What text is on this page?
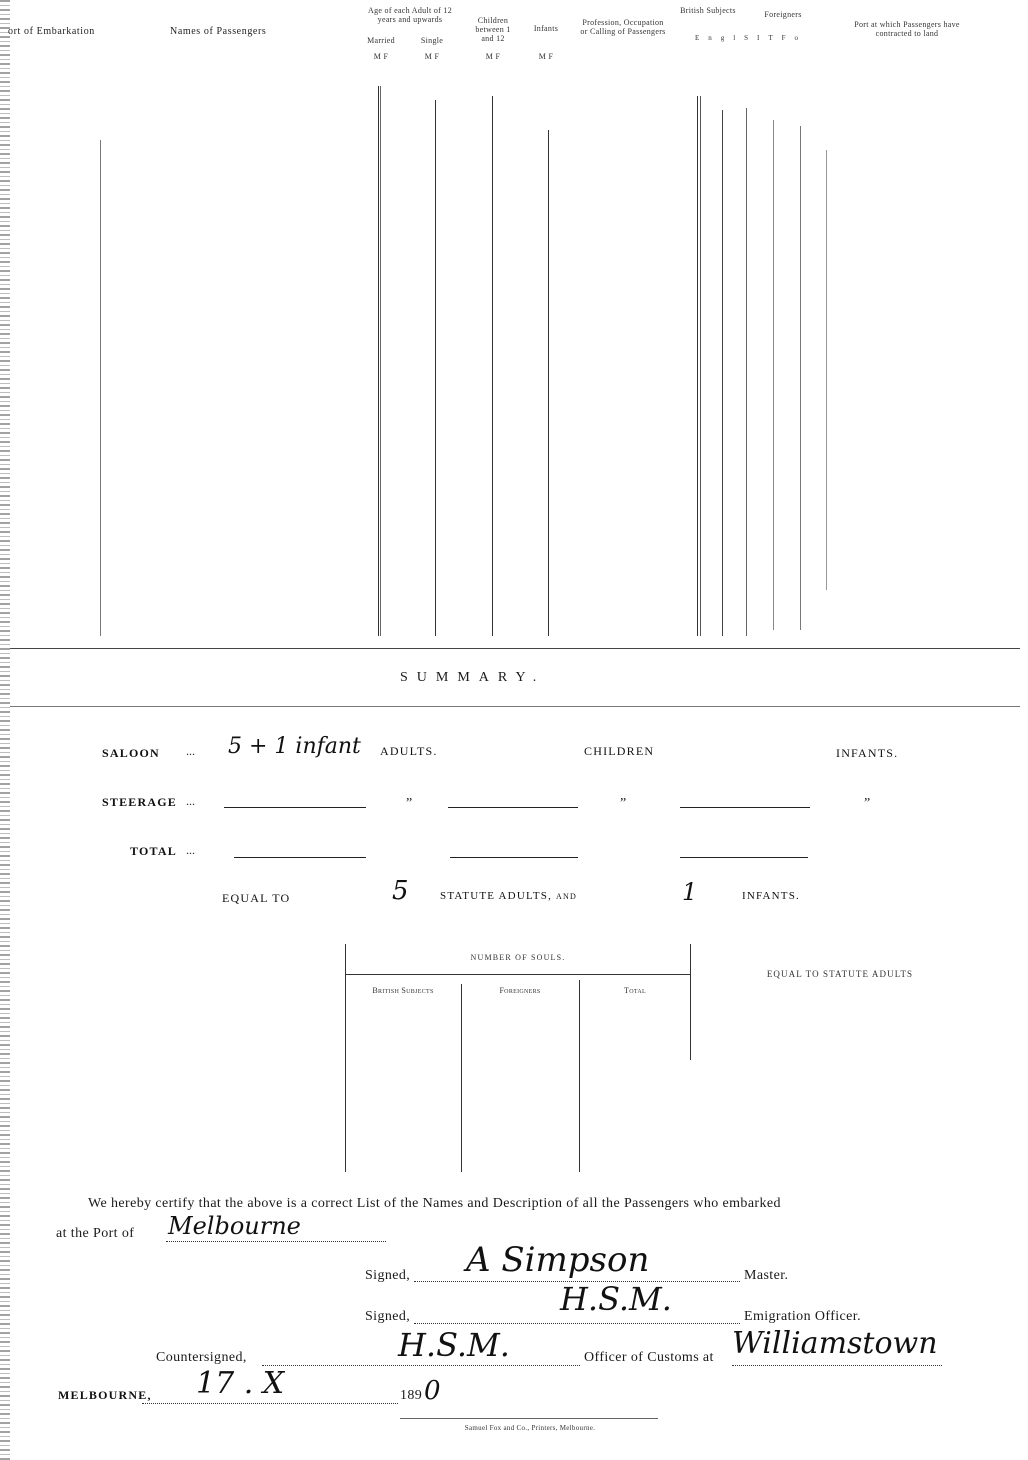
ort of Embarkation	Names of Passengers
Age of each Adult of 12 years and upwards
Married	Single
M F	M F
Children between 1 and 12
M F
Infants
M F
Profession, Occupation or Calling of Passengers
British Subjects	Foreigners
Port at which Passengers have contracted to land
EnglSITFo
SUMMARY.
SALOON ... 5 + 1 infant ADULTS.	CHILDREN	INFANTS.
STEERAGE ...	”	”	”
TOTAL ...
EQUAL TO	5	STATUTE ADULTS, and	1	INFANTS.
NUMBER OF SOULS.
British Subjects	Foreigners	Total
EQUAL TO STATUTE ADULTS
We hereby certify that the above is a correct List of the Names and Description of all the Passengers who embarked
at the Port of Melbourne
Signed, A Simpson	Master.
Signed,	H.S.M.	Emigration Officer.
Countersigned,	H.S.M.	Officer of Customs at Williamstown
MELBOURNE, 17 . X	189 0
Samuel Fox and Co., Printers, Melbourne.
